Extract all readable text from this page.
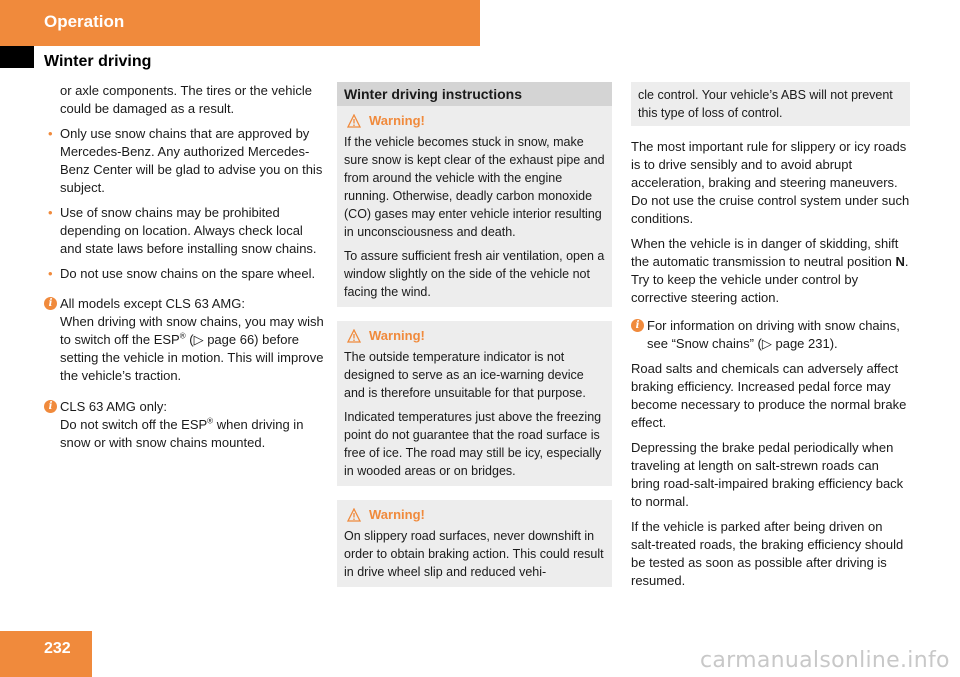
Operation
Winter driving

or axle components. The tires or the vehicle could be damaged as a result.

• Only use snow chains that are approved by Mercedes-Benz. Any authorized Mercedes-Benz Center will be glad to advise you on this subject.
• Use of snow chains may be prohibited depending on location. Always check local and state laws before installing snow chains.
• Do not use snow chains on the spare wheel.
i All models except CLS 63 AMG:
When driving with snow chains, you may wish to switch off the ESP® (▷ page 66) before setting the vehicle in motion. This will improve the vehicle’s traction.
i CLS 63 AMG only:
Do not switch off the ESP® when driving in snow or with snow chains mounted.
Winter driving instructions
Warning!

If the vehicle becomes stuck in snow, make sure snow is kept clear of the exhaust pipe and from around the vehicle with the engine running. Otherwise, deadly carbon monoxide (CO) gases may enter vehicle interior resulting in unconsciousness and death.

To assure sufficient fresh air ventilation, open a window slightly on the side of the vehicle not facing the wind.

Warning!

The outside temperature indicator is not designed to serve as an ice-warning device and is therefore unsuitable for that purpose.

Indicated temperatures just above the freezing point do not guarantee that the road surface is free of ice. The road may still be icy, especially in wooded areas or on bridges.

Warning!

On slippery road surfaces, never downshift in order to obtain braking action. This could result in drive wheel slip and reduced vehi-

cle control. Your vehicle’s ABS will not prevent this type of loss of control.

The most important rule for slippery or icy roads is to drive sensibly and to avoid abrupt acceleration, braking and steering maneuvers. Do not use the cruise control system under such conditions.

When the vehicle is in danger of skidding, shift the automatic transmission to neutral position N. Try to keep the vehicle under control by corrective steering action.

i For information on driving with snow chains, see “Snow chains” (▷ page 231).

Road salts and chemicals can adversely affect braking efficiency. Increased pedal force may become necessary to produce the normal brake effect.

Depressing the brake pedal periodically when traveling at length on salt-strewn roads can bring road-salt-impaired braking efficiency back to normal.

If the vehicle is parked after being driven on salt-treated roads, the braking efficiency should be tested as soon as possible after driving is resumed.

232	carmanualsonline.info
